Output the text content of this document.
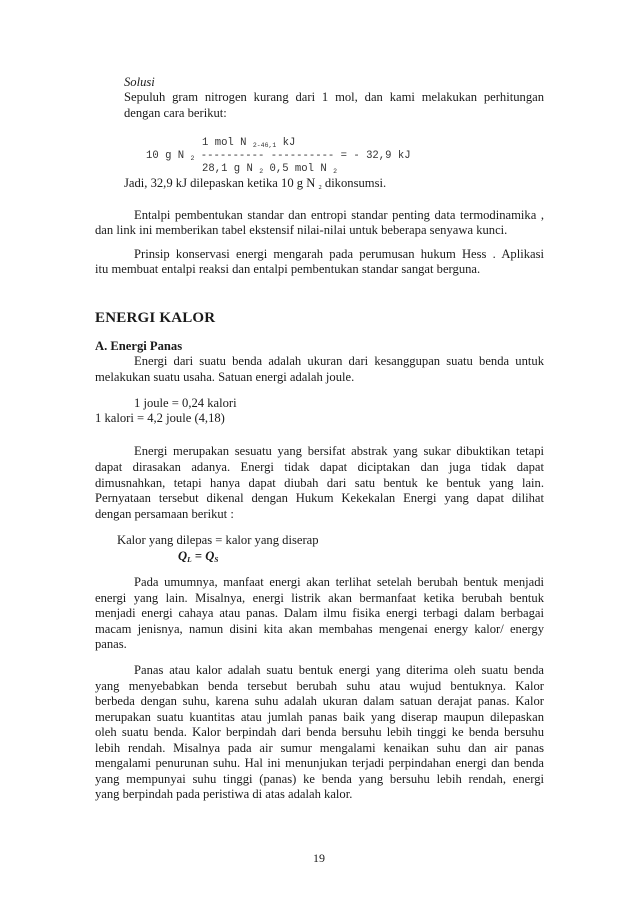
Solusi
Sepuluh gram nitrogen kurang dari 1 mol, dan kami melakukan perhitungan
dengan cara berikut:
1 mol N $_{2-46,1}$ kJ
10 g N $_2$ ---------- ---------- = - 32,9 kJ
28,1 g N $_2$ 0,5 mol N $_2$
Jadi, 32,9 kJ dilepaskan ketika 10 g N $_2$ dikonsumsi.
Entalpi pembentukan standar dan entropi standar penting data termodinamika ,
dan link ini memberikan tabel ekstensif nilai-nilai untuk beberapa senyawa kunci.
Prinsip konservasi energi mengarah pada perumusan hukum Hess . Aplikasi
itu membuat entalpi reaksi dan entalpi pembentukan standar sangat berguna.
ENERGI KALOR
A. Energi Panas
Energi dari suatu benda adalah ukuran dari kesanggupan suatu benda untuk
melakukan suatu usaha. Satuan energi adalah joule.
1 joule = 0,24 kalori
1 kalori = 4,2 joule (4,18)
Energi merupakan sesuatu yang bersifat abstrak yang sukar dibuktikan tetapi
dapat dirasakan adanya. Energi tidak dapat diciptakan dan juga tidak dapat
dimusnahkan, tetapi hanya dapat diubah dari satu bentuk ke bentuk yang lain.
Pernyataan tersebut dikenal dengan Hukum Kekekalan Energi yang dapat dilihat
dengan persamaan berikut :
Kalor yang dilepas = kalor yang diserap
QL = QS
Pada umumnya, manfaat energi akan terlihat setelah berubah bentuk menjadi
energi yang lain. Misalnya, energi listrik akan bermanfaat ketika berubah bentuk
menjadi energi cahaya atau panas. Dalam ilmu fisika energi terbagi dalam berbagai
macam jenisnya, namun disini kita akan membahas mengenai energy kalor/ energy
panas.
Panas atau kalor adalah suatu bentuk energi yang diterima oleh suatu benda
yang menyebabkan benda tersebut berubah suhu atau wujud bentuknya. Kalor
berbeda dengan suhu, karena suhu adalah ukuran dalam satuan derajat panas. Kalor
merupakan suatu kuantitas atau jumlah panas baik yang diserap maupun dilepaskan
oleh suatu benda. Kalor berpindah dari benda bersuhu lebih tinggi ke benda bersuhu
lebih rendah. Misalnya pada air sumur mengalami kenaikan suhu dan air panas
mengalami penurunan suhu. Hal ini menunjukan terjadi perpindahan energi dan benda
yang mempunyai suhu tinggi (panas) ke benda yang bersuhu lebih rendah, energi
yang berpindah pada peristiwa di atas adalah kalor.
19
